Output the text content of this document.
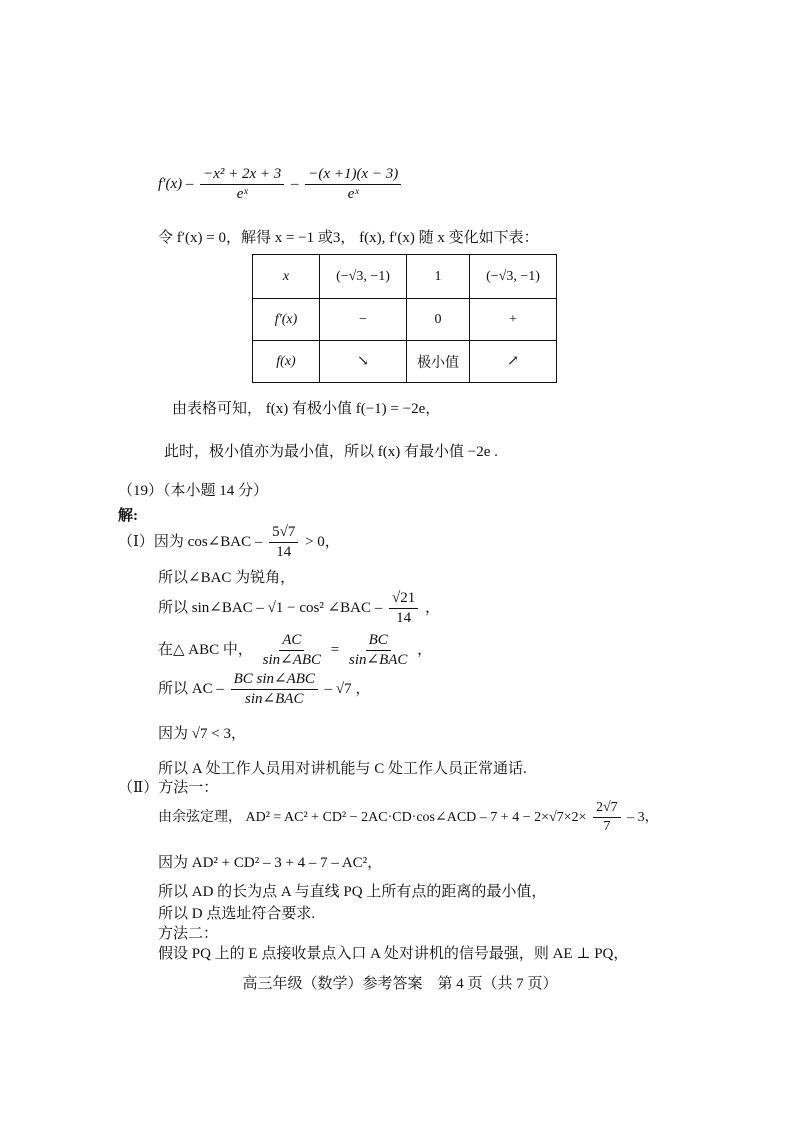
$f'(x) - \frac{\text{−x² + 2x + 3}}{\text{eˣ}} - \frac{-(x +1)(x - 3)}{\text{eˣ}}$
令 f′(x) = 0，解得 x = −1 或3， f(x), f′(x) 随 x 变化如下表：
x	(−√3, −1)	1	(−√3, −1)
f′(x)	−	0	+
f(x)	↘	极小值	↗
由表格可知， f(x) 有极小值 f(−1) = −2e，
此时，极小值亦为最小值，所以 f(x) 有最小值 −2e .
（19）（本小题 14 分）
解:
（Ⅰ）因为 cos∠BAC – $\frac{5√7}{14} > 0$，
所以∠BAC 为锐角，
所以 sin∠BAC – √1 − cos² ∠BAC – $\frac{√21}{14}$ ，
在△ ABC 中， $\frac{AC}{\text{sin∠ABC}} = \frac{BC}{\text{sin∠BAC}}$ ，
所以 AC – $\frac{\text{BC sin∠ABC}}{\text{sin∠BAC}} - √7$ ，
因为 √7 < 3，
所以 A 处工作人员用对讲机能与 C 处工作人员正常通话.
（Ⅱ）方法一：
由余弦定理， AD² = AC² + CD² − 2AC·CD·cos∠ACD – $7 + 4 - 2\times√7\times 2\times \frac{2√7}{7} - 3$，
因为 AD² + CD² – 3 + 4 – 7 – AC²，
所以 AD 的长为点 A 与直线 PQ 上所有点的距离的最小值，
所以 D 点选址符合要求.
方法二：
假设 PQ 上的 E 点接收景点入口 A 处对讲机的信号最强，则 AE ⊥ PQ，
高三年级（数学）参考答案　第 4 页（共 7 页）
